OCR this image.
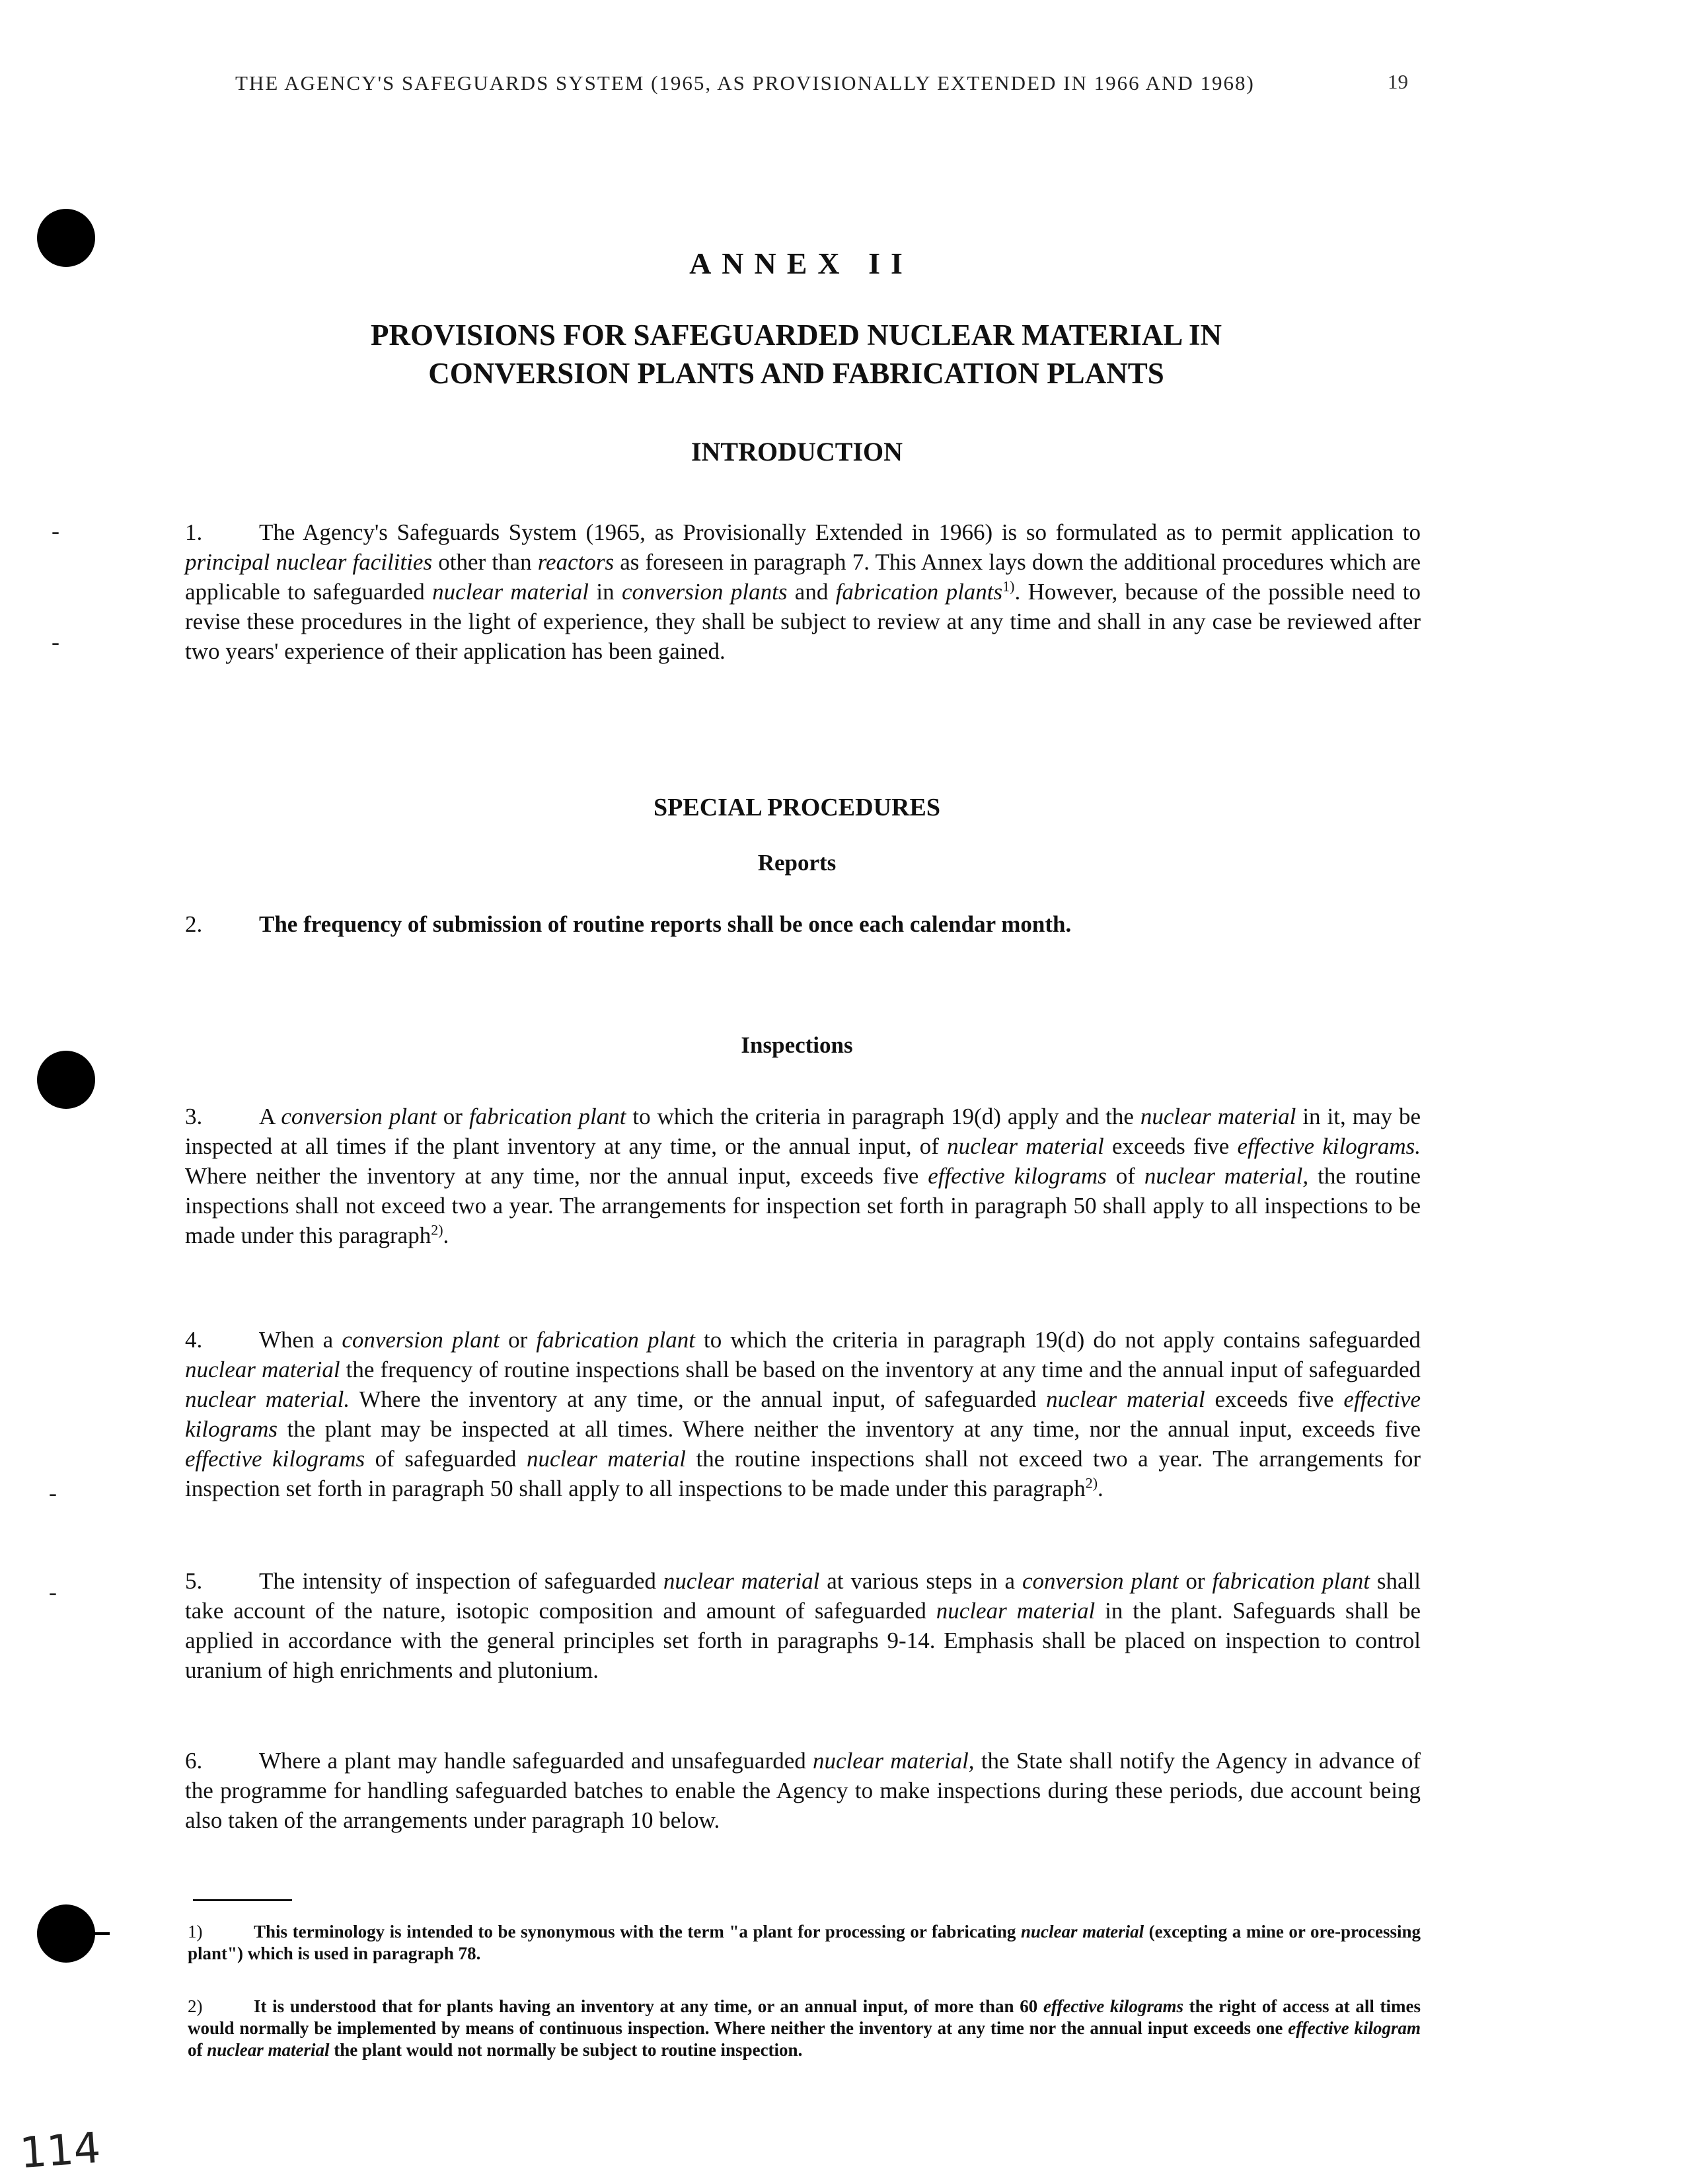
THE AGENCY'S SAFEGUARDS SYSTEM (1965, AS PROVISIONALLY EXTENDED IN 1966 AND 1968)	19
-
-
-
-
ANNEX II
PROVISIONS FOR SAFEGUARDED NUCLEAR MATERIAL IN
CONVERSION PLANTS AND FABRICATION PLANTS
INTRODUCTION
1. The Agency's Safeguards System (1965, as Provisionally Extended in 1966) is so formulated as to permit application to principal nuclear facilities other than reactors as foreseen in paragraph 7. This Annex lays down the additional procedures which are applicable to safeguarded nuclear material in conversion plants and fabrication plants$^{1)}$. However, because of the possible need to revise these procedures in the light of experience, they shall be subject to review at any time and shall in any case be reviewed after two years' experience of their application has been gained.
SPECIAL PROCEDURES
Reports
2. The frequency of submission of routine reports shall be once each calendar month.
Inspections
3. A conversion plant or fabrication plant to which the criteria in paragraph 19(d) apply and the nuclear material in it, may be inspected at all times if the plant inventory at any time, or the annual input, of nuclear material exceeds five effective kilograms. Where neither the inventory at any time, nor the annual input, exceeds five effective kilograms of nuclear material, the routine inspections shall not exceed two a year. The arrangements for inspection set forth in paragraph 50 shall apply to all inspections to be made under this paragraph$^{2)}$.
4. When a conversion plant or fabrication plant to which the criteria in paragraph 19(d) do not apply contains safeguarded nuclear material the frequency of routine inspections shall be based on the inventory at any time and the annual input of safeguarded nuclear material. Where the inventory at any time, or the annual input, of safeguarded nuclear material exceeds five effective kilograms the plant may be inspected at all times. Where neither the inventory at any time, nor the annual input, exceeds five effective kilograms of safeguarded nuclear material the routine inspections shall not exceed two a year. The arrangements for inspection set forth in paragraph 50 shall apply to all inspections to be made under this paragraph$^{2)}$.
5. The intensity of inspection of safeguarded nuclear material at various steps in a conversion plant or fabrication plant shall take account of the nature, isotopic composition and amount of safeguarded nuclear material in the plant. Safeguards shall be applied in accordance with the general principles set forth in paragraphs 9-14. Emphasis shall be placed on inspection to control uranium of high enrichments and plutonium.
6. Where a plant may handle safeguarded and unsafeguarded nuclear material, the State shall notify the Agency in advance of the programme for handling safeguarded batches to enable the Agency to make inspections during these periods, due account being also taken of the arrangements under paragraph 10 below.
1)	This terminology is intended to be synonymous with the term "a plant for processing or fabricating nuclear material (excepting a mine or ore-processing plant") which is used in paragraph 78.
2)	It is understood that for plants having an inventory at any time, or an annual input, of more than 60 effective kilograms the right of access at all times would normally be implemented by means of continuous inspection. Where neither the inventory at any time nor the annual input exceeds one effective kilogram of nuclear material the plant would not normally be subject to routine inspection.
114
